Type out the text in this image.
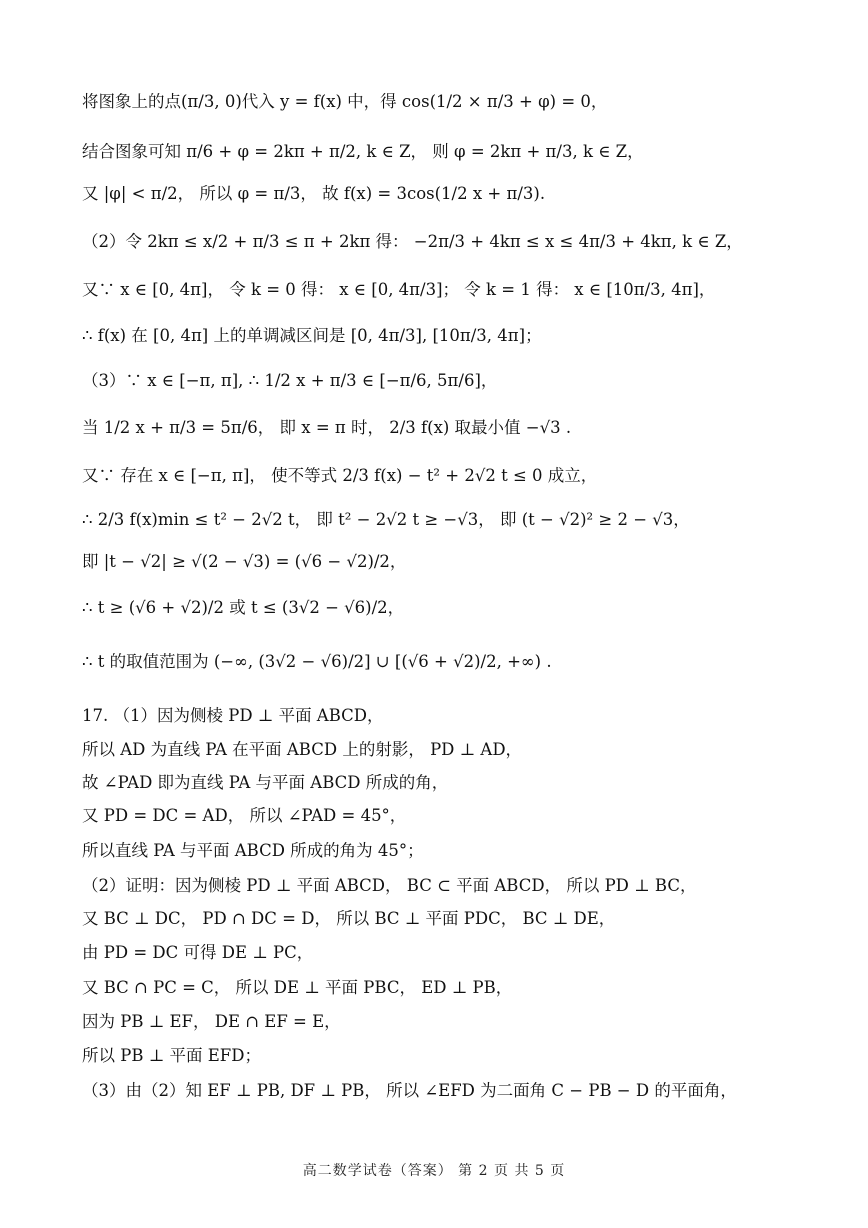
将图象上的点(π/3, 0)代入 y = f(x) 中，得 cos(1/2 × π/3 + φ) = 0，
结合图象可知 π/6 + φ = 2kπ + π/2, k ∈ Z， 则 φ = 2kπ + π/3, k ∈ Z，
又 |φ| < π/2， 所以 φ = π/3， 故 f(x) = 3cos(1/2 x + π/3).
（2）令 2kπ ≤ x/2 + π/3 ≤ π + 2kπ 得： −2π/3 + 4kπ ≤ x ≤ 4π/3 + 4kπ, k ∈ Z，
又∵ x ∈ [0, 4π]， 令 k = 0 得： x ∈ [0, 4π/3]； 令 k = 1 得： x ∈ [10π/3, 4π]，
∴ f(x) 在 [0, 4π] 上的单调减区间是 [0, 4π/3], [10π/3, 4π]；
（3）∵ x ∈ [−π, π], ∴ 1/2 x + π/3 ∈ [−π/6, 5π/6]，
当 1/2 x + π/3 = 5π/6， 即 x = π 时， 2/3 f(x) 取最小值 −√3 .
又∵ 存在 x ∈ [−π, π]， 使不等式 2/3 f(x) − t² + 2√2 t ≤ 0 成立，
∴ 2/3 f(x)min ≤ t² − 2√2 t， 即 t² − 2√2 t ≥ −√3， 即 (t − √2)² ≥ 2 − √3，
即 |t − √2| ≥ √(2 − √3) = (√6 − √2)/2，
∴ t ≥ (√6 + √2)/2 或 t ≤ (3√2 − √6)/2，
∴ t 的取值范围为 (−∞, (3√2 − √6)/2] ∪ [(√6 + √2)/2, +∞) .
17. （1）因为侧棱 PD ⊥ 平面 ABCD，
所以 AD 为直线 PA 在平面 ABCD 上的射影， PD ⊥ AD，
故 ∠PAD 即为直线 PA 与平面 ABCD 所成的角，
又 PD = DC = AD， 所以 ∠PAD = 45°，
所以直线 PA 与平面 ABCD 所成的角为 45°；
（2）证明：因为侧棱 PD ⊥ 平面 ABCD， BC ⊂ 平面 ABCD， 所以 PD ⊥ BC，
又 BC ⊥ DC， PD ∩ DC = D， 所以 BC ⊥ 平面 PDC， BC ⊥ DE，
由 PD = DC 可得 DE ⊥ PC，
又 BC ∩ PC = C， 所以 DE ⊥ 平面 PBC， ED ⊥ PB，
因为 PB ⊥ EF， DE ∩ EF = E，
所以 PB ⊥ 平面 EFD；
（3）由（2）知 EF ⊥ PB, DF ⊥ PB， 所以 ∠EFD 为二面角 C − PB − D 的平面角，
高二数学试卷（答案） 第 2 页 共 5 页
